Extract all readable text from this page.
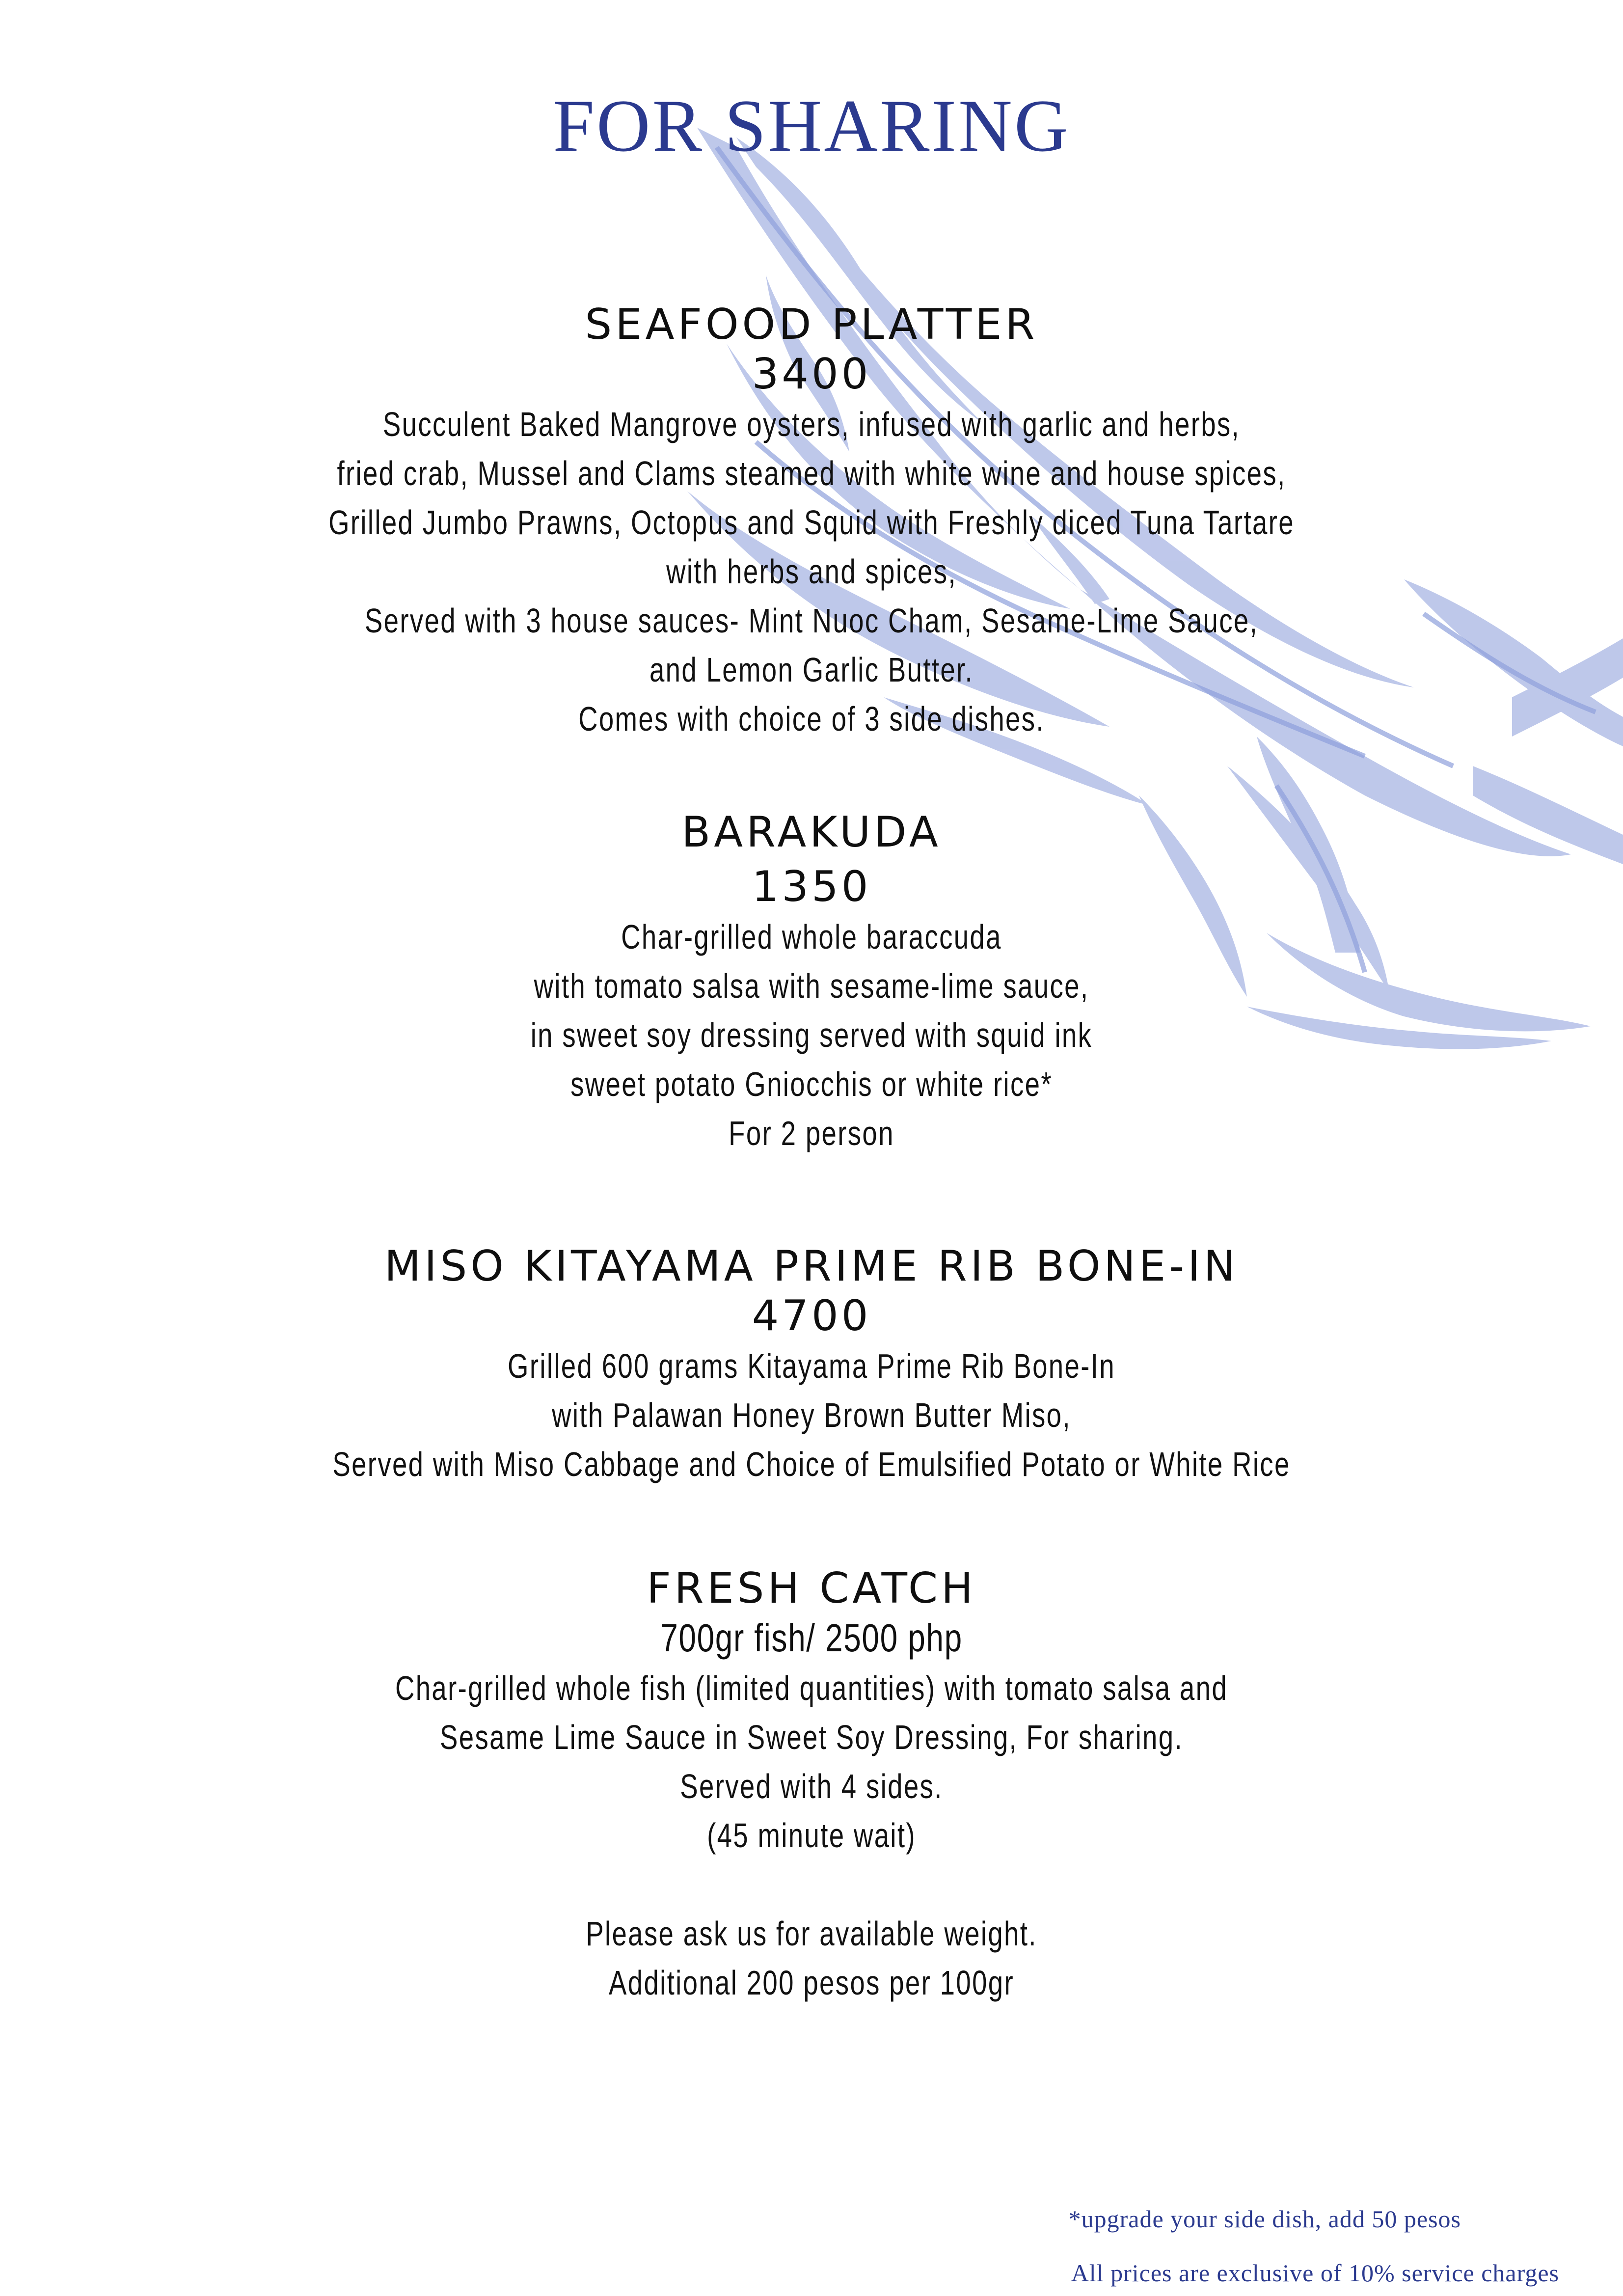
FOR SHARING
SEAFOOD PLATTER
3400
Succulent Baked Mangrove oysters, infused with garlic and herbs,
fried crab, Mussel and Clams steamed with white wine and house spices,
Grilled Jumbo Prawns, Octopus and Squid with Freshly diced Tuna Tartare
with herbs and spices,
Served with 3 house sauces- Mint Nuoc Cham, Sesame-Lime Sauce,
and Lemon Garlic Butter.
Comes with choice of 3 side dishes.
BARAKUDA
1350
Char-grilled whole baraccuda
with tomato salsa with sesame-lime sauce,
in sweet soy dressing served with squid ink
sweet potato Gniocchis or white rice*
For 2 person
MISO KITAYAMA PRIME RIB BONE-IN
4700
Grilled 600 grams Kitayama Prime Rib Bone-In
with Palawan Honey Brown Butter Miso,
Served with Miso Cabbage and Choice of Emulsified Potato or White Rice
FRESH CATCH
700gr fish/ 2500 php
Char-grilled whole fish (limited quantities) with tomato salsa and
Sesame Lime Sauce in Sweet Soy Dressing, For sharing.
Served with 4 sides.
(45 minute wait)
Please ask us for available weight.
Additional 200 pesos per 100gr
*upgrade your side dish, add 50 pesos
All prices are exclusive of 10% service charges
